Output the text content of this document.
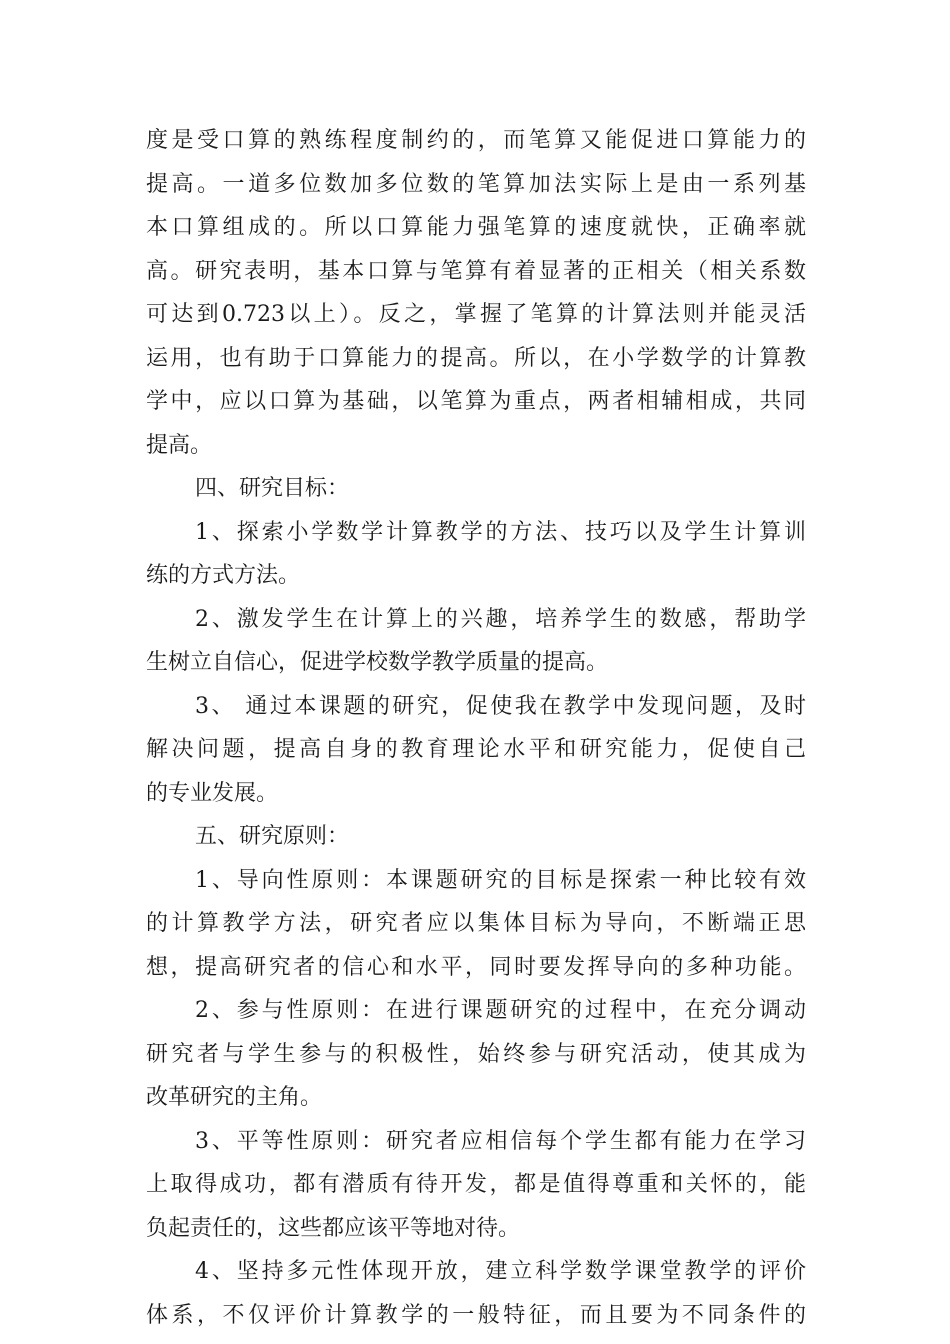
度是受口算的熟练程度制约的，而笔算又能促进口算能力的
提高。一道多位数加多位数的笔算加法实际上是由一系列基
本口算组成的。所以口算能力强笔算的速度就快，正确率就
高。研究表明，基本口算与笔算有着显著的正相关（相关系数
可达到0.723以上）。反之，掌握了笔算的计算法则并能灵活
运用，也有助于口算能力的提高。所以，在小学数学的计算教
学中，应以口算为基础，以笔算为重点，两者相辅相成，共同
提高。
四、研究目标：
1、探索小学数学计算教学的方法、技巧以及学生计算训
练的方式方法。
2、激发学生在计算上的兴趣，培养学生的数感，帮助学
生树立自信心，促进学校数学教学质量的提高。
3、 通过本课题的研究，促使我在教学中发现问题，及时
解决问题，提高自身的教育理论水平和研究能力，促使自己
的专业发展。
五、研究原则：
1、导向性原则：本课题研究的目标是探索一种比较有效
的计算教学方法，研究者应以集体目标为导向，不断端正思
想，提高研究者的信心和水平，同时要发挥导向的多种功能。
2、参与性原则：在进行课题研究的过程中，在充分调动
研究者与学生参与的积极性，始终参与研究活动，使其成为
改革研究的主角。
3、平等性原则：研究者应相信每个学生都有能力在学习
上取得成功，都有潜质有待开发，都是值得尊重和关怀的，能
负起责任的，这些都应该平等地对待。
4、坚持多元性体现开放，建立科学数学课堂教学的评价
体系，不仅评价计算教学的一般特征，而且要为不同条件的
